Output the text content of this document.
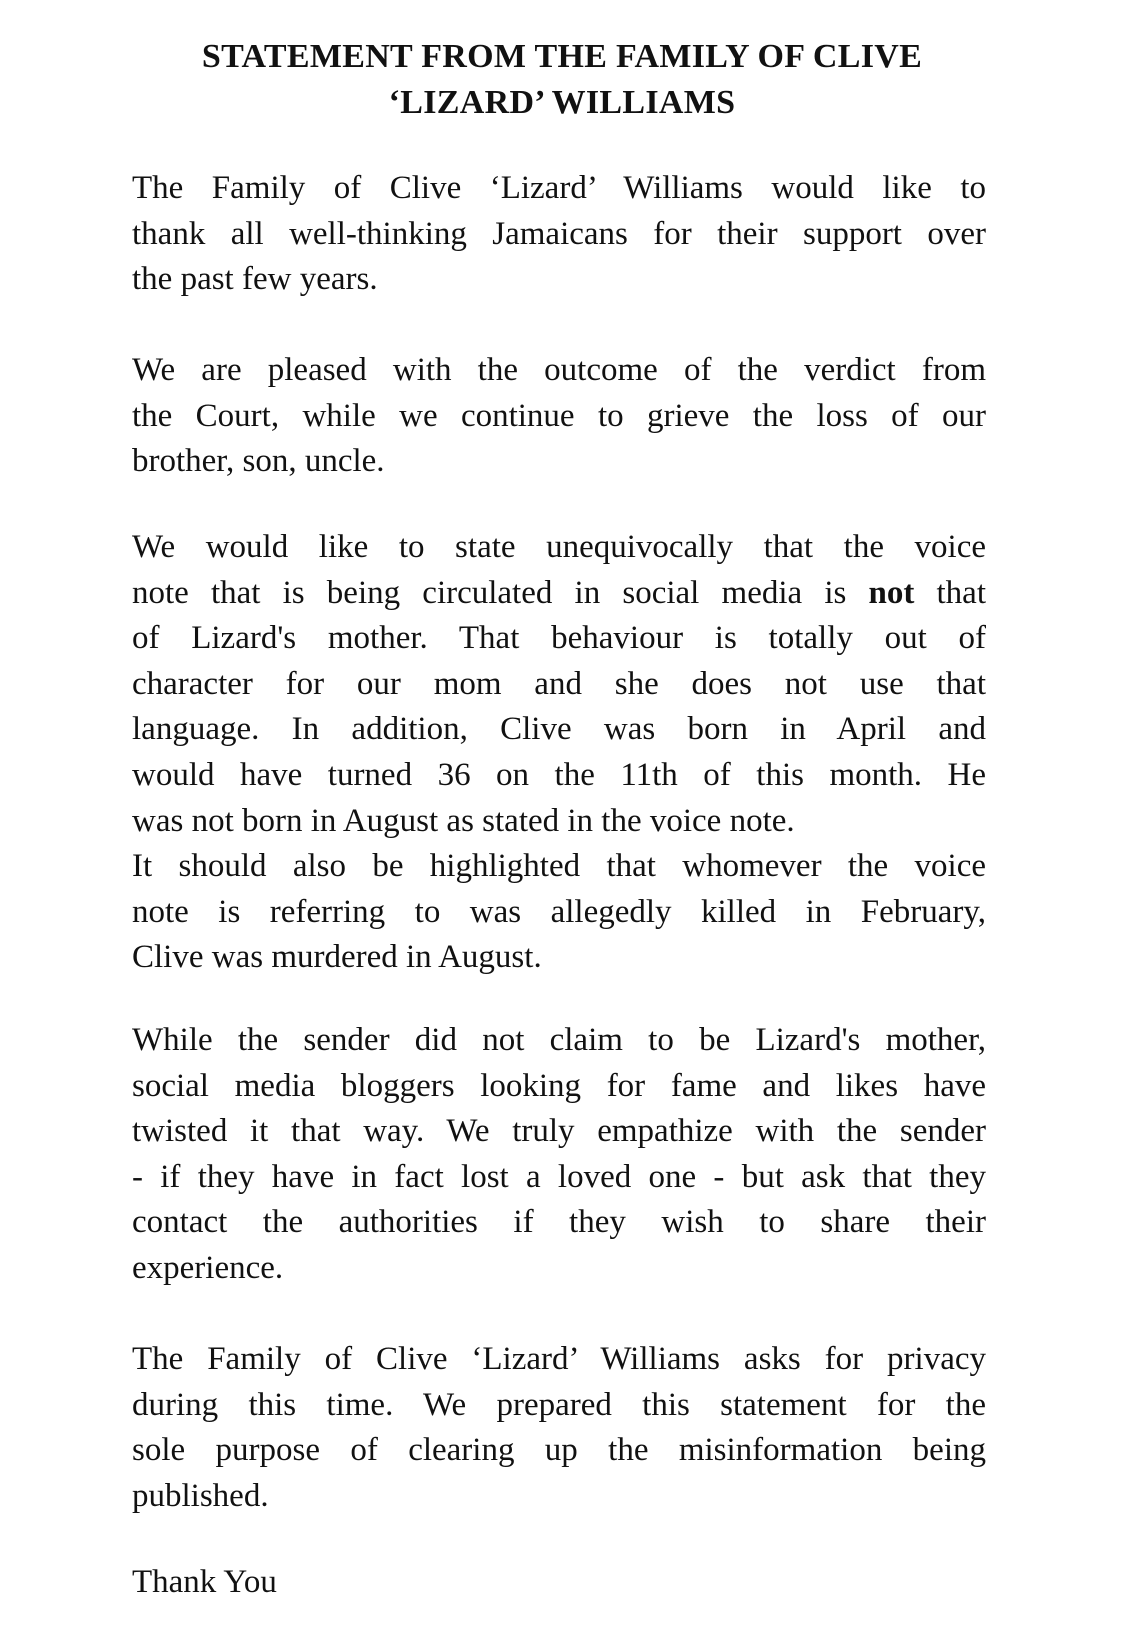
STATEMENT FROM THE FAMILY OF CLIVE
‘LIZARD’ WILLIAMS

The Family of Clive ‘Lizard’ Williams would like to
thank all well-thinking Jamaicans for their support over
the past few years.

We are pleased with the outcome of the verdict from
the Court, while we continue to grieve the loss of our
brother, son, uncle.

We would like to state unequivocally that the voice
note that is being circulated in social media is not that
of Lizard's mother. That behaviour is totally out of
character for our mom and she does not use that
language. In addition, Clive was born in April and
would have turned 36 on the 11th of this month. He
was not born in August as stated in the voice note.
It should also be highlighted that whomever the voice
note is referring to was allegedly killed in February,
Clive was murdered in August.

While the sender did not claim to be Lizard's mother,
social media bloggers looking for fame and likes have
twisted it that way. We truly empathize with the sender
- if they have in fact lost a loved one - but ask that they
contact the authorities if they wish to share their
experience.

The Family of Clive ‘Lizard’ Williams asks for privacy
during this time. We prepared this statement for the
sole purpose of clearing up the misinformation being
published.

Thank You
